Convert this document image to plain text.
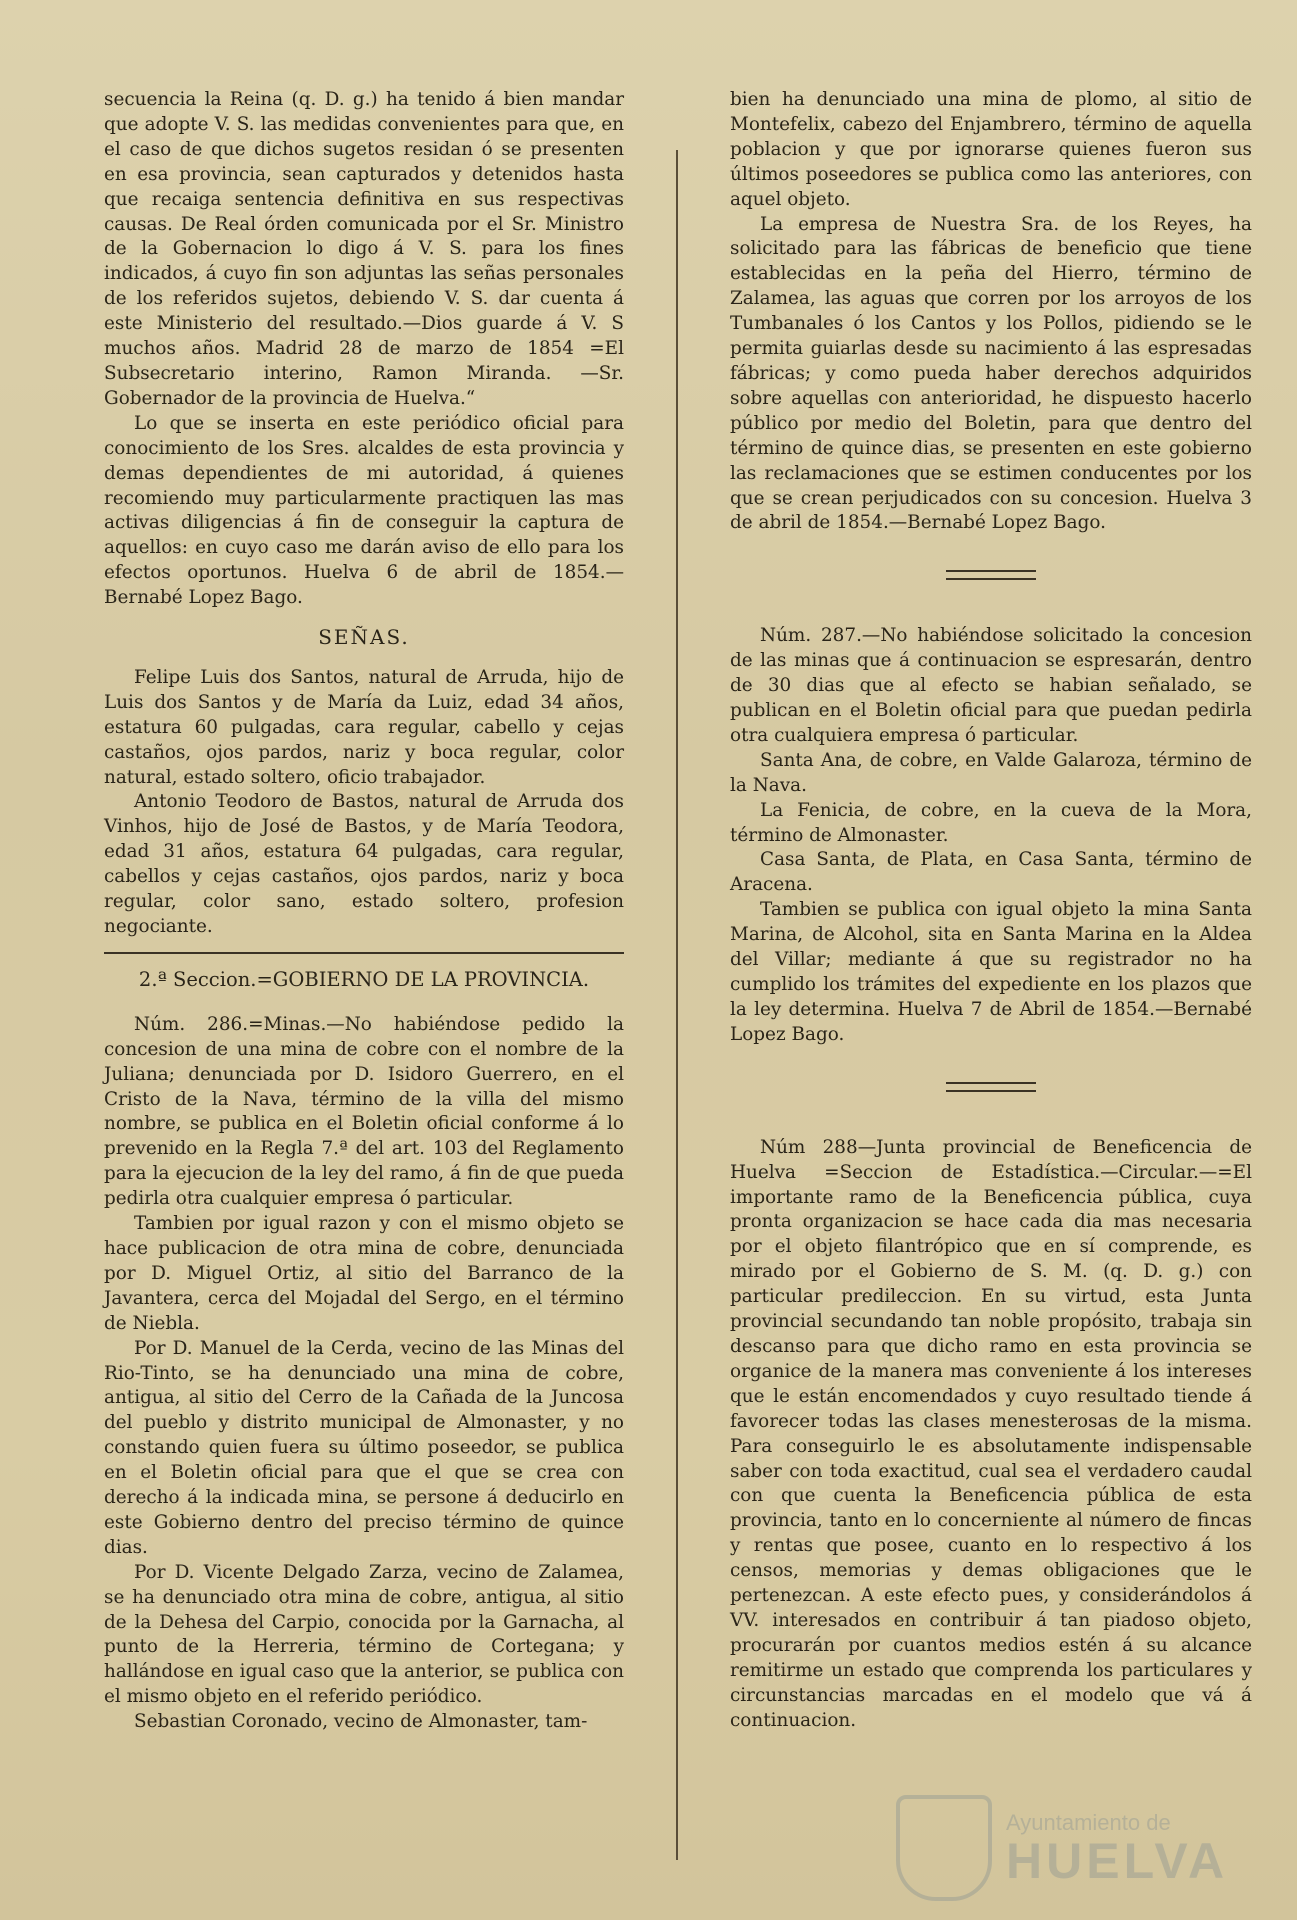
secuencia la Reina (q. D. g.) ha tenido á bien mandar que adopte V. S. las medidas convenientes para que, en el caso de que dichos sugetos residan ó se presenten en esa provincia, sean capturados y detenidos hasta que recaiga sentencia definitiva en sus respectivas causas. De Real órden comunicada por el Sr. Ministro de la Gobernacion lo digo á V. S. para los fines indicados, á cuyo fin son adjuntas las señas personales de los referidos sujetos, debiendo V. S. dar cuenta á este Ministerio del resultado.—Dios guarde á V. S muchos años. Madrid 28 de marzo de 1854 =El Subsecretario interino, Ramon Miranda. —Sr. Gobernador de la provincia de Huelva.“

Lo que se inserta en este periódico oficial para conocimiento de los Sres. alcaldes de esta provincia y demas dependientes de mi autoridad, á quienes recomiendo muy particularmente practiquen las mas activas diligencias á fin de conseguir la captura de aquellos: en cuyo caso me darán aviso de ello para los efectos oportunos. Huelva 6 de abril de 1854.—Bernabé Lopez Bago.

SEÑAS.

Felipe Luis dos Santos, natural de Arruda, hijo de Luis dos Santos y de María da Luiz, edad 34 años, estatura 60 pulgadas, cara regular, cabello y cejas castaños, ojos pardos, nariz y boca regular, color natural, estado soltero, oficio trabajador.

Antonio Teodoro de Bastos, natural de Arruda dos Vinhos, hijo de José de Bastos, y de María Teodora, edad 31 años, estatura 64 pulgadas, cara regular, cabellos y cejas castaños, ojos pardos, nariz y boca regular, color sano, estado soltero, profesion negociante.

2.ª Seccion.=GOBIERNO DE LA PROVINCIA.

Núm. 286.=Minas.—No habiéndose pedido la concesion de una mina de cobre con el nombre de la Juliana; denunciada por D. Isidoro Guerrero, en el Cristo de la Nava, término de la villa del mismo nombre, se publica en el Boletin oficial conforme á lo prevenido en la Regla 7.ª del art. 103 del Reglamento para la ejecucion de la ley del ramo, á fin de que pueda pedirla otra cualquier empresa ó particular.

Tambien por igual razon y con el mismo objeto se hace publicacion de otra mina de cobre, denunciada por D. Miguel Ortiz, al sitio del Barranco de la Javantera, cerca del Mojadal del Sergo, en el término de Niebla.

Por D. Manuel de la Cerda, vecino de las Minas del Rio-Tinto, se ha denunciado una mina de cobre, antigua, al sitio del Cerro de la Cañada de la Juncosa del pueblo y distrito municipal de Almonaster, y no constando quien fuera su último poseedor, se publica en el Boletin oficial para que el que se crea con derecho á la indicada mina, se persone á deducirlo en este Gobierno dentro del preciso término de quince dias.

Por D. Vicente Delgado Zarza, vecino de Zalamea, se ha denunciado otra mina de cobre, antigua, al sitio de la Dehesa del Carpio, conocida por la Garnacha, al punto de la Herreria, término de Cortegana; y hallándose en igual caso que la anterior, se publica con el mismo objeto en el referido periódico.

Sebastian Coronado, vecino de Almonaster, tam-

bien ha denunciado una mina de plomo, al sitio de Montefelix, cabezo del Enjambrero, término de aquella poblacion y que por ignorarse quienes fueron sus últimos poseedores se publica como las anteriores, con aquel objeto.

La empresa de Nuestra Sra. de los Reyes, ha solicitado para las fábricas de beneficio que tiene establecidas en la peña del Hierro, término de Zalamea, las aguas que corren por los arroyos de los Tumbanales ó los Cantos y los Pollos, pidiendo se le permita guiarlas desde su nacimiento á las espresadas fábricas; y como pueda haber derechos adquiridos sobre aquellas con anterioridad, he dispuesto hacerlo público por medio del Boletin, para que dentro del término de quince dias, se presenten en este gobierno las reclamaciones que se estimen conducentes por los que se crean perjudicados con su concesion. Huelva 3 de abril de 1854.—Bernabé Lopez Bago.

Núm. 287.—No habiéndose solicitado la concesion de las minas que á continuacion se espresarán, dentro de 30 dias que al efecto se habian señalado, se publican en el Boletin oficial para que puedan pedirla otra cualquiera empresa ó particular.

Santa Ana, de cobre, en Valde Galaroza, término de la Nava.

La Fenicia, de cobre, en la cueva de la Mora, término de Almonaster.

Casa Santa, de Plata, en Casa Santa, término de Aracena.

Tambien se publica con igual objeto la mina Santa Marina, de Alcohol, sita en Santa Marina en la Aldea del Villar; mediante á que su registrador no ha cumplido los trámites del expediente en los plazos que la ley determina. Huelva 7 de Abril de 1854.—Bernabé Lopez Bago.

Núm 288—Junta provincial de Beneficencia de Huelva =Seccion de Estadística.—Circular.—=El importante ramo de la Beneficencia pública, cuya pronta organizacion se hace cada dia mas necesaria por el objeto filantrópico que en sí comprende, es mirado por el Gobierno de S. M. (q. D. g.) con particular predileccion. En su virtud, esta Junta provincial secundando tan noble propósito, trabaja sin descanso para que dicho ramo en esta provincia se organice de la manera mas conveniente á los intereses que le están encomendados y cuyo resultado tiende á favorecer todas las clases menesterosas de la misma. Para conseguirlo le es absolutamente indispensable saber con toda exactitud, cual sea el verdadero caudal con que cuenta la Beneficencia pública de esta provincia, tanto en lo concerniente al número de fincas y rentas que posee, cuanto en lo respectivo á los censos, memorias y demas obligaciones que le pertenezcan. A este efecto pues, y considerándolos á VV. interesados en contribuir á tan piadoso objeto, procurarán por cuantos medios estén á su alcance remitirme un estado que comprenda los particulares y circunstancias marcadas en el modelo que vá á continuacion.

Ayuntamiento de
HUELVA
